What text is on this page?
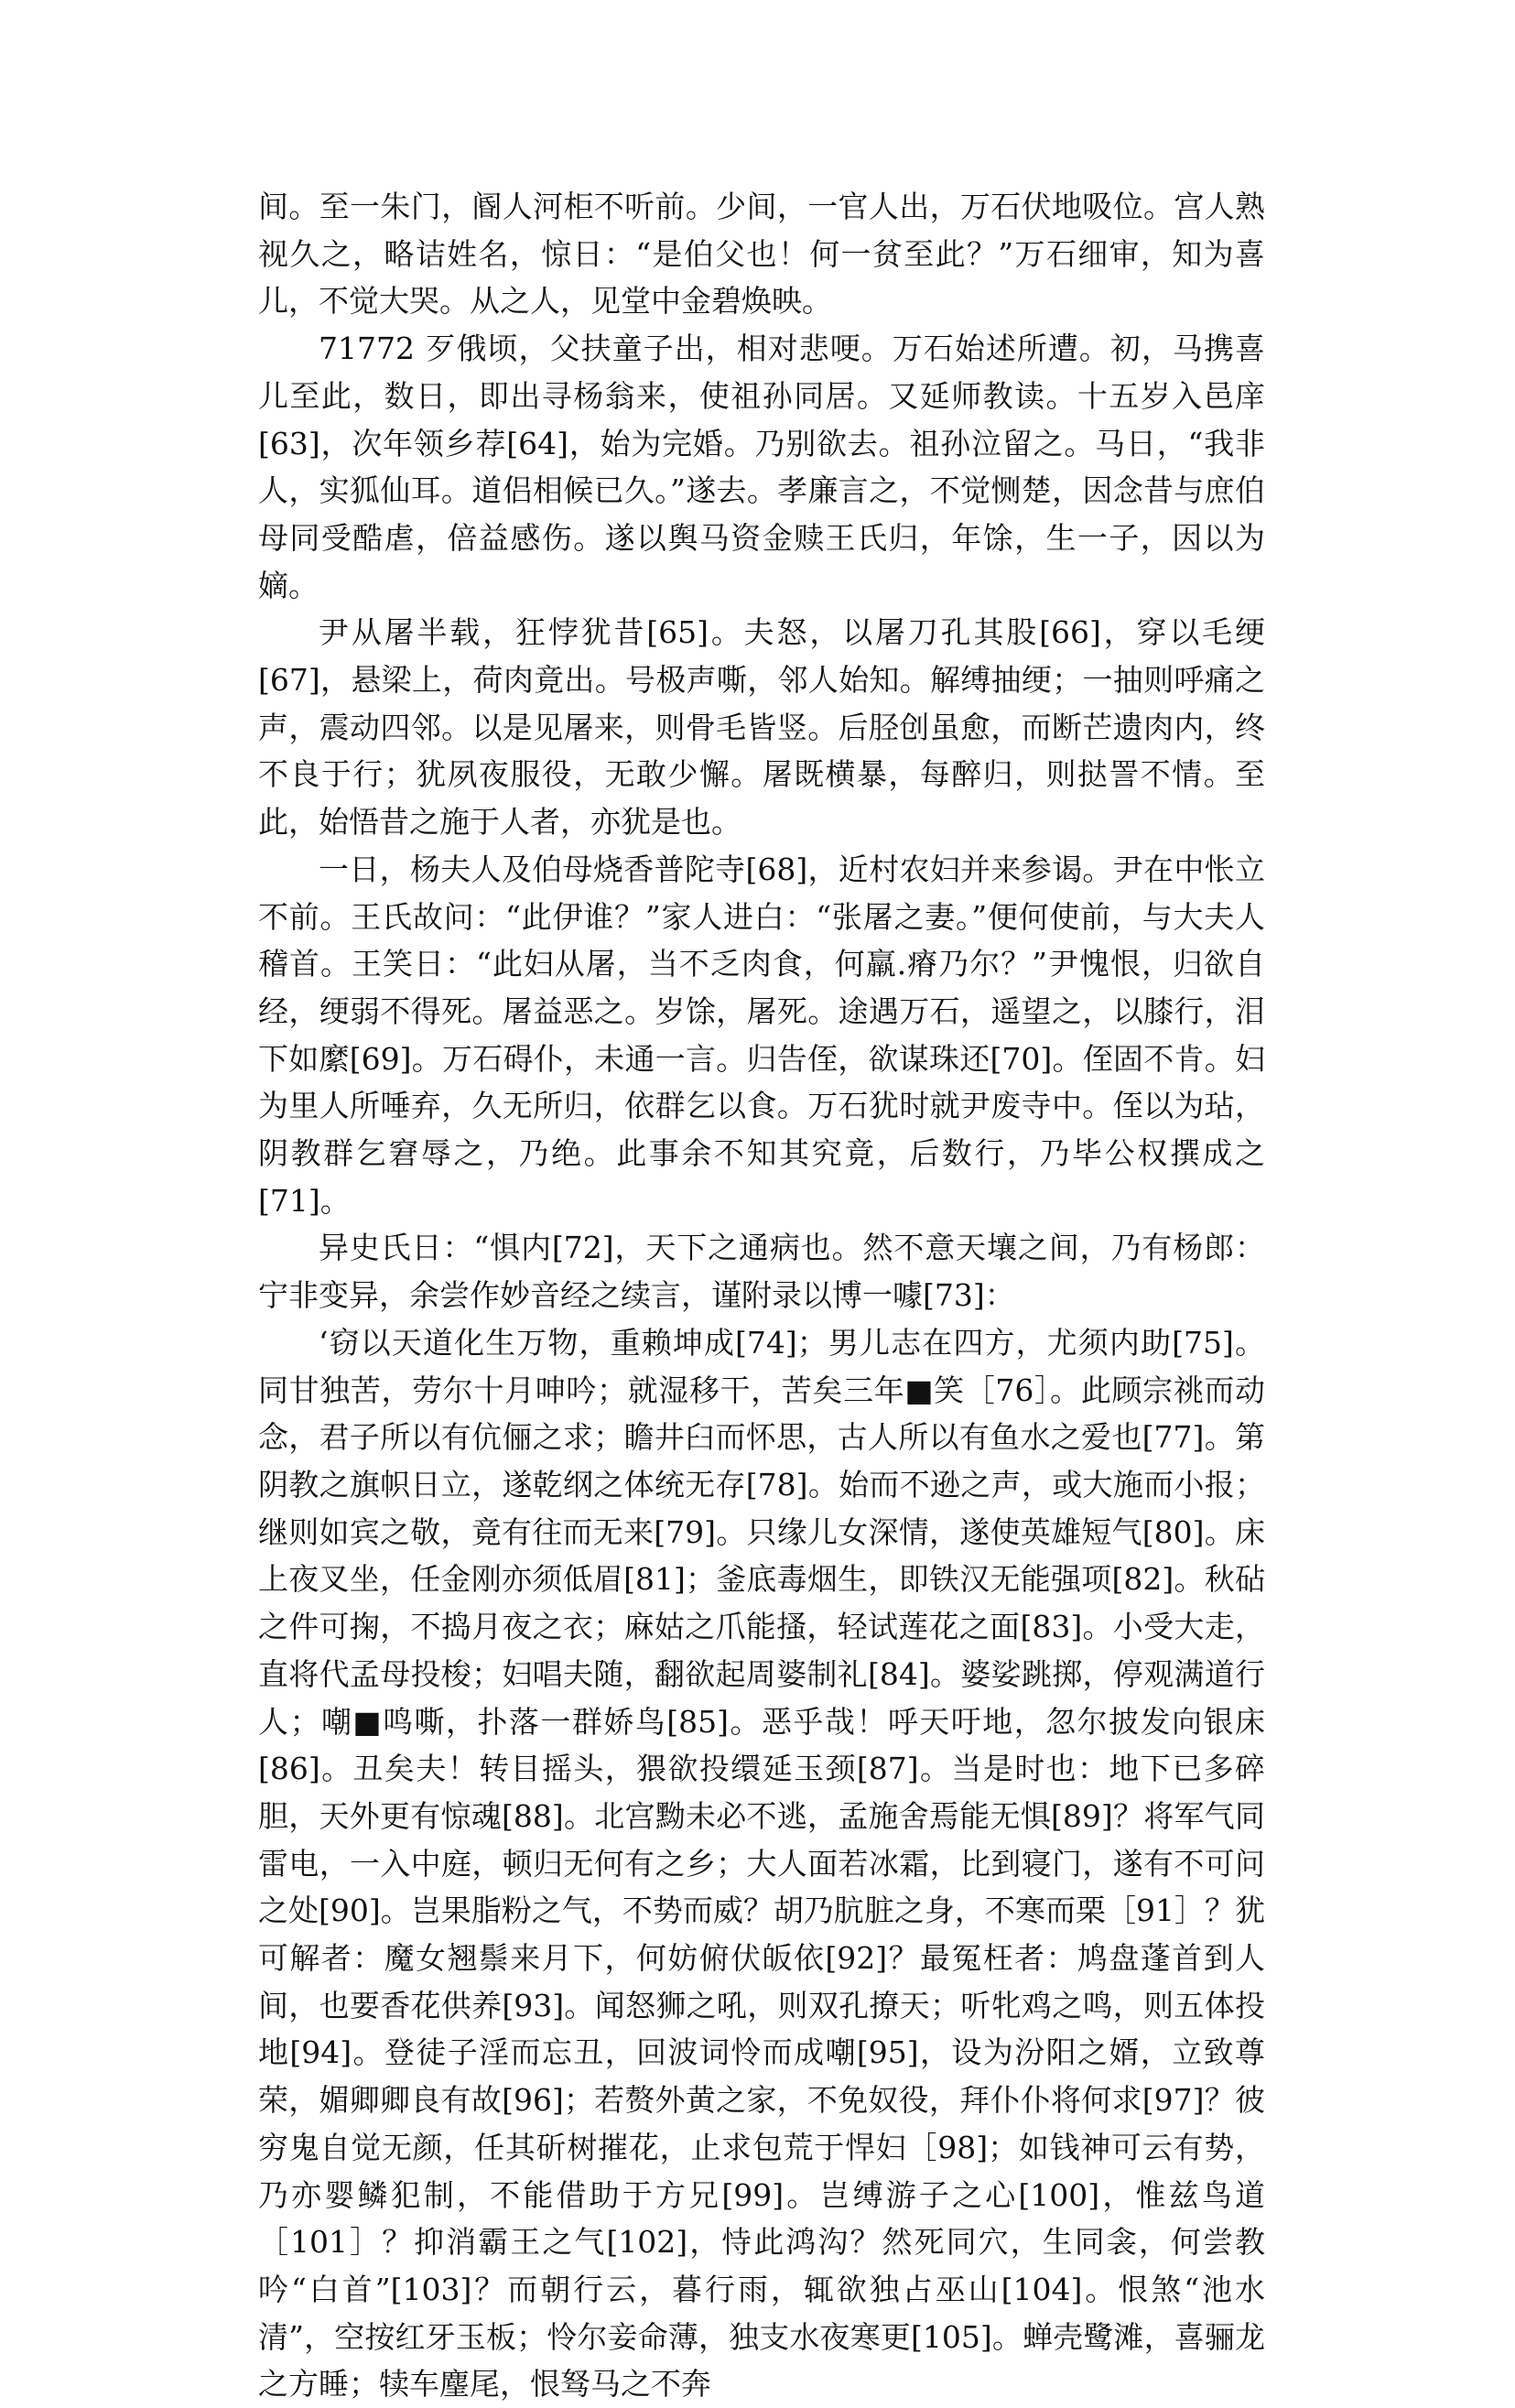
间。至一朱门，阍人河柜不听前。少间，一官人出，万石伏地吸位。宫人熟视久之，略诘姓名，惊日：“是伯父也！何一贫至此？”万石细审，知为喜儿，不觉大哭。从之人，见堂中金碧焕映。

71772 歹俄顷，父扶童子出，相对悲哽。万石始述所遭。初，马携喜儿至此，数日，即出寻杨翁来，使祖孙同居。又延师教读。十五岁入邑庠[63]，次年领乡荐[64]，始为完婚。乃别欲去。祖孙泣留之。马日，“我非人，实狐仙耳。道侣相候已久。”遂去。孝廉言之，不觉恻楚，因念昔与庶伯母同受酷虐，倍益感伤。遂以舆马资金赎王氏归，年馀，生一子，因以为嫡。

尹从屠半载，狂悖犹昔[65]。夫怒，以屠刀孔其股[66]，穿以毛绠[67]，悬梁上，荷肉竟出。号极声嘶，邻人始知。解缚抽绠；一抽则呼痛之声，震动四邻。以是见屠来，则骨毛皆竖。后胫创虽愈，而断芒遗肉内，终不良于行；犹夙夜服役，无敢少懈。屠既横暴，每醉归，则挞詈不情。至此，始悟昔之施于人者，亦犹是也。

一日，杨夫人及伯母烧香普陀寺[68]，近村农妇并来参谒。尹在中怅立不前。王氏故问：“此伊谁？”家人进白：“张屠之妻。”便何使前，与大夫人稽首。王笑日：“此妇从屠，当不乏肉食，何羸.瘠乃尔？”尹愧恨，归欲自经，绠弱不得死。屠益恶之。岁馀，屠死。途遇万石，遥望之，以膝行，泪下如縻[69]。万石碍仆，未通一言。归告侄，欲谋珠还[70]。侄固不肯。妇为里人所唾弃，久无所归，依群乞以食。万石犹时就尹废寺中。侄以为玷，阴教群乞窘辱之，乃绝。此事余不知其究竟，后数行，乃毕公权撰成之[71]。

异史氏日：“惧内[72]，天下之通病也。然不意天壤之间，乃有杨郎：宁非变异，余尝作妙音经之续言，谨附录以博一噱[73]：

‘窃以天道化生万物，重赖坤成[74]；男儿志在四方，尤须内助[75]。同甘独苦，劳尔十月呻吟；就湿移干，苦矣三年■笑［76］。此顾宗祧而动念，君子所以有伉俪之求；瞻井臼而怀思，古人所以有鱼水之爱也[77]。第阴教之旗帜日立，遂乾纲之体统无存[78]。始而不逊之声，或大施而小报；继则如宾之敬，竟有往而无来[79]。只缘儿女深情，遂使英雄短气[80]。床上夜叉坐，任金刚亦须低眉[81]；釜底毒烟生，即铁汉无能强项[82]。秋砧之件可掬，不捣月夜之衣；麻姑之爪能搔，轻试莲花之面[83]。小受大走，直将代孟母投梭；妇唱夫随，翻欲起周婆制礼[84]。婆娑跳掷，停观满道行人；嘲■鸣嘶，扑落一群娇鸟[85]。恶乎哉！呼天吁地，忽尔披发向银床[86]。丑矣夫！转目摇头，猥欲投缳延玉颈[87]。当是时也：地下已多碎胆，天外更有惊魂[88]。北宫黝未必不逃，孟施舍焉能无惧[89]？将军气同雷电，一入中庭，顿归无何有之乡；大人面若冰霜，比到寝门，遂有不可问之处[90]。岂果脂粉之气，不势而威？胡乃肮脏之身，不寒而栗［91］？犹可解者：魔女翘鬃来月下，何妨俯伏皈依[92]？最冤枉者：鸠盘蓬首到人间，也要香花供养[93]。闻怒狮之吼，则双孔撩天；听牝鸡之鸣，则五体投地[94]。登徒子淫而忘丑，回波词怜而成嘲[95]，设为汾阳之婿，立致尊荣，媚卿卿良有故[96]；若赘外黄之家，不免奴役，拜仆仆将何求[97]？彼穷鬼自觉无颜，任其斫树摧花，止求包荒于悍妇［98]；如钱神可云有势，乃亦婴鳞犯制，不能借助于方兄[99]。岂缚游子之心[100]，惟兹鸟道［101］？抑消霸王之气[102]，恃此鸿沟？然死同穴，生同衾，何尝教吟“白首”[103]？而朝行云，暮行雨，辄欲独占巫山[104]。恨煞“池水清”，空按红牙玉板；怜尔妾命薄，独支水夜寒更[105]。蝉壳鹭滩，喜骊龙之方睡；犊车麈尾，恨驽马之不奔
